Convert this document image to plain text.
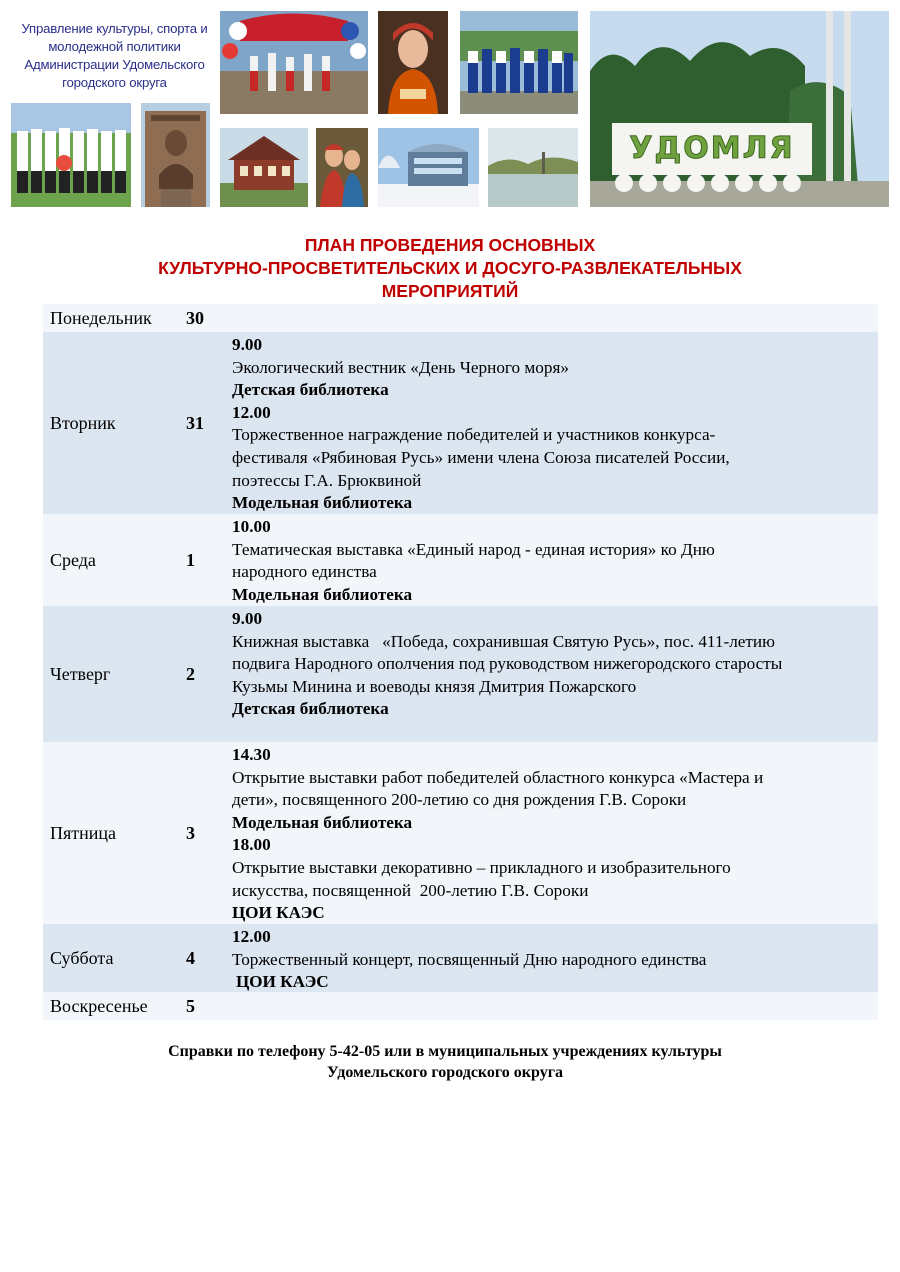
Управление культуры, спорта и
молодежной политики
Администрации Удомельского
городского округа
УДОМЛЯ
ПЛАН ПРОВЕДЕНИЯ ОСНОВНЫХ
КУЛЬТУРНО-ПРОСВЕТИТЕЛЬСКИХ И ДОСУГО-РАЗВЛЕКАТЕЛЬНЫХ
МЕРОПРИЯТИЙ
Понедельник	30
Вторник	31
9.00
Экологический вестник «День Черного моря»
Детская библиотека
12.00
Торжественное награждение победителей и участников конкурса-
фестиваля «Рябиновая Русь» имени члена Союза писателей России,
поэтессы Г.А. Брюквиной
Модельная библиотека
Среда	1
10.00
Тематическая выставка «Единый народ - единая история» ко Дню
народного единства
Модельная библиотека
Четверг	2
9.00
Книжная выставка   «Победа, сохранившая Святую Русь», пос. 411-летию
подвига Народного ополчения под руководством нижегородского старосты
Кузьмы Минина и воеводы князя Дмитрия Пожарского
Детская библиотека
Пятница	3
14.30
Открытие выставки работ победителей областного конкурса «Мастера и
дети», посвященного 200-летию со дня рождения Г.В. Сороки
Модельная библиотека
18.00
Открытие выставки декоративно – прикладного и изобразительного
искусства, посвященной  200-летию Г.В. Сороки
ЦОИ КАЭС
Суббота	4
12.00
Торжественный концерт, посвященный Дню народного единства
ЦОИ КАЭС
Воскресенье	5
Справки по телефону 5-42-05 или в муниципальных учреждениях культуры
Удомельского городского округа
